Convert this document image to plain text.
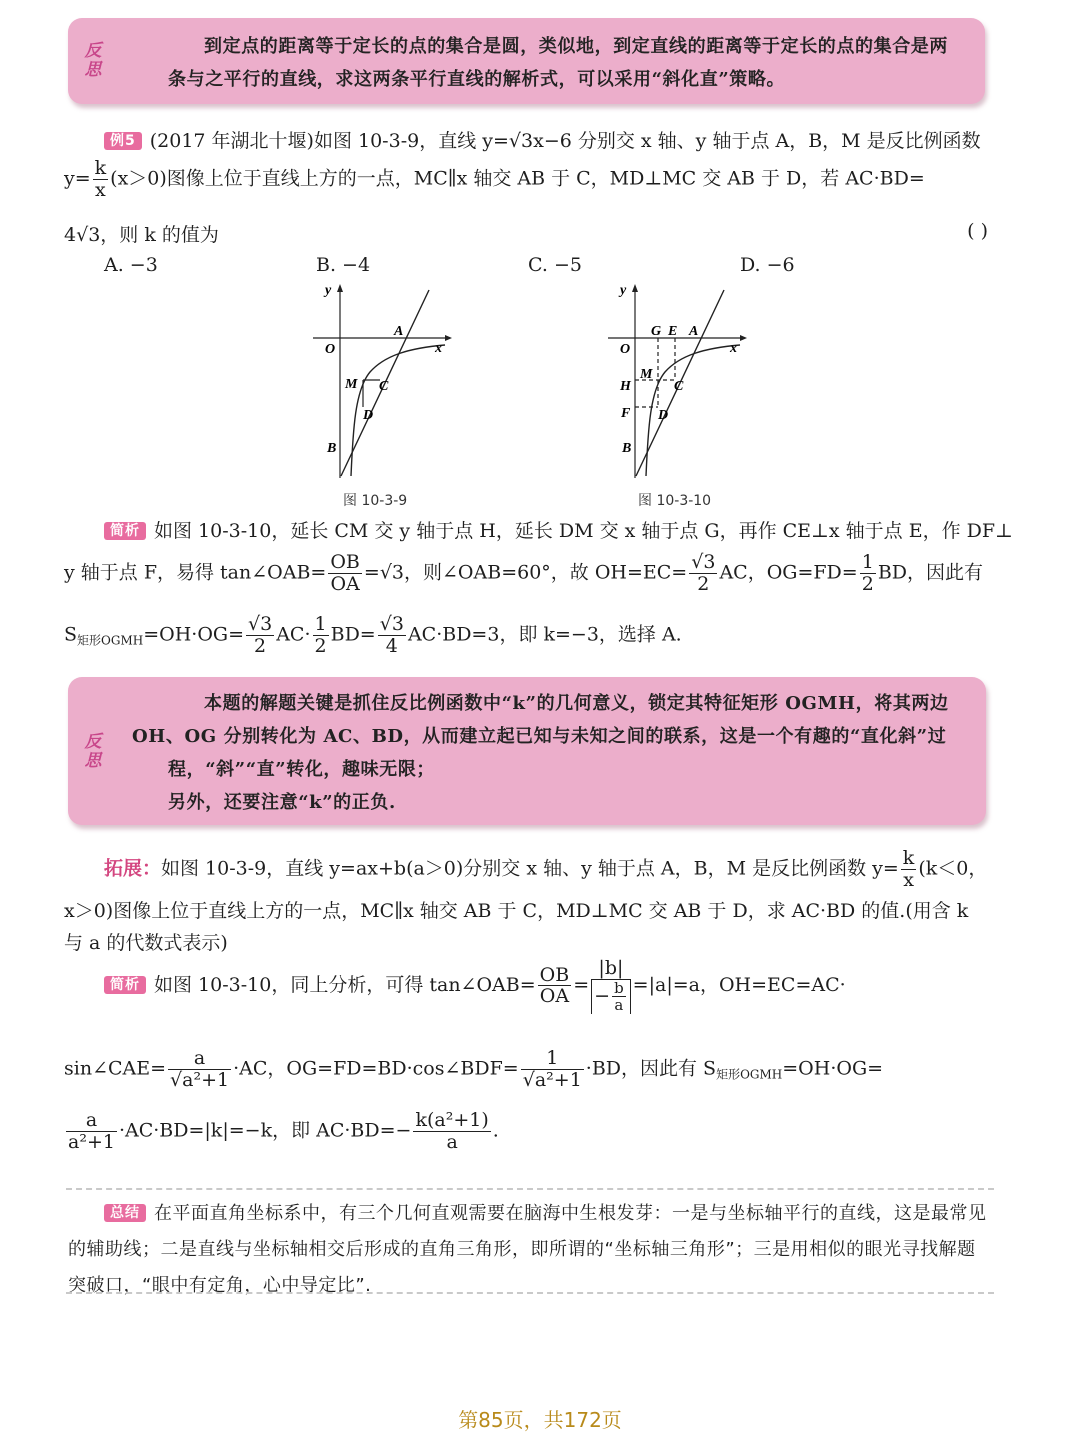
反思

到定点的距离等于定长的点的集合是圆，类似地，到定直线的距离等于定长的点的集合是两

条与之平行的直线，求这两条平行直线的解析式，可以采用“斜化直”策略。

例5 (2017 年湖北十堰)如图 10-3-9，直线 y=√3x−6 分别交 x 轴、y 轴于点 A，B，M 是反比例函数
$y= \frac{k}{x} (x>0)$图像上位于直线上方的一点，MC∥x 轴交 AB 于 C，MD⊥MC 交 AB 于 D，若 AC·BD=
4√3，则 k 的值为	( )
A. −3	B. −4	C. −5	D. −6
y
x
O
A
B
M C
D
图 10-3-9
y
x
O
A
G E
H
F
B
M
C
D
图 10-3-10
简析 如图 10-3-10，延长 CM 交 y 轴于点 H，延长 DM 交 x 轴于点 G，再作 CE⊥x 轴于点 E，作 DF⊥
y 轴于点 F，易得 tan∠OAB= $\frac{OB}{OA} =√3$，则∠OAB=60°，故 $OH=EC= \frac{√3}{2}$ AC，$OG=FD= \frac{1}{2}$ BD，因此有
$S_{矩形OGMH}=OH\cdot OG= \frac{√3}{2} AC\cdot \frac{1}{2} BD= \frac{√3}{4} AC\cdot BD=3$，即 k=−3，选择 A.
反思

本题的解题关键是抓住反比例函数中“k”的几何意义，锁定其特征矩形 OGMH，将其两边

OH、OG 分别转化为 AC、BD，从而建立起已知与未知之间的联系，这是一个有趣的“直化斜”过

程，“斜”“直”转化，趣味无限；

另外，还要注意“k”的正负.

拓展：如图 10-3-9，直线 y=ax+b(a＞0)分别交 x 轴、y 轴于点 A，B，M 是反比例函数 $y= \frac{k}{x} (k<0$，
x＞0)图像上位于直线上方的一点，MC∥x 轴交 AB 于 C，MD⊥MC 交 AB 于 D，求 AC·BD 的值.(用含 k
与 a 的代数式表示)
简析 如图 10-3-10，同上分析，可得 tan∠OAB= $\frac{OB}{OA} = \frac{|b|}{- \frac{b}{a}} =|a|=a$，OH=EC=AC·
sin∠CAE= $\frac{a}{\text{√a²+1}} \cdot AC$，OG=FD=BD·cos∠BDF= $\frac{1}{\text{√a²+1}} \cdot BD$，因此有 $S_{矩形OGMH}=OH\cdot OG=$
$\frac{a}{\text{a²+1}} \cdot AC\cdot BD=|k|=-k$，即 $AC\cdot BD=- \frac{\text{k(a²+1)}}{a}$ .
总结 在平面直角坐标系中，有三个几何直观需要在脑海中生根发芽：一是与坐标轴平行的直线，这是最常见的辅助线；二是直线与坐标轴相交后形成的直角三角形，即所谓的“坐标轴三角形”；三是用相似的眼光寻找解题突破口，“眼中有定角，心中导定比”.
第85页，共172页
